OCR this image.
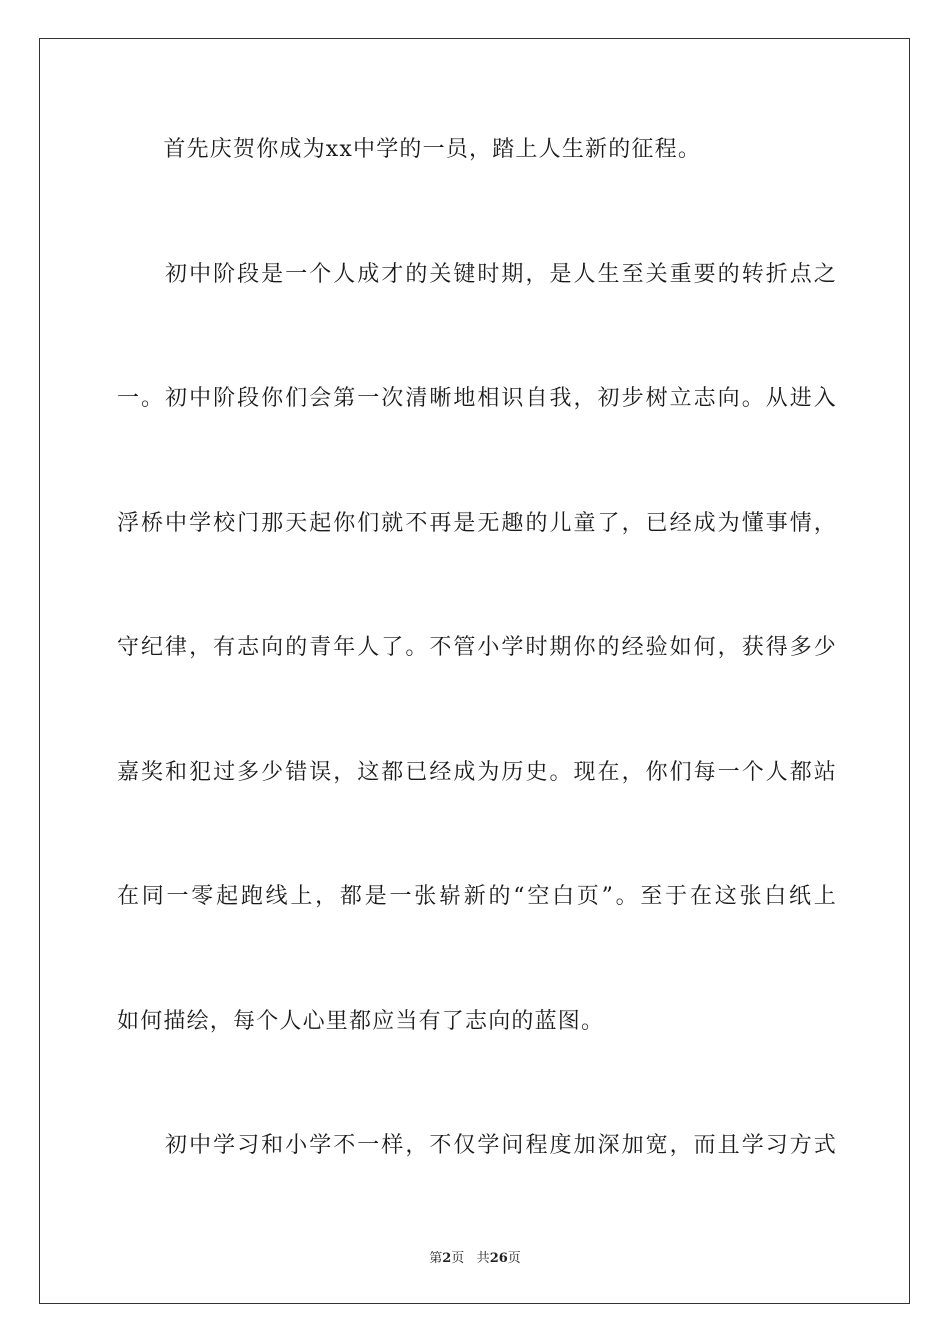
　　首先庆贺你成为xx中学的一员，踏上人生新的征程。
　　初中阶段是一个人成才的关键时期，是人生至关重要的转折点之
一。初中阶段你们会第一次清晰地相识自我，初步树立志向。从进入
浮桥中学校门那天起你们就不再是无趣的儿童了，已经成为懂事情，
守纪律，有志向的青年人了。不管小学时期你的经验如何，获得多少
嘉奖和犯过多少错误，这都已经成为历史。现在，你们每一个人都站
在同一零起跑线上，都是一张崭新的“空白页”。至于在这张白纸上
如何描绘，每个人心里都应当有了志向的蓝图。
　　初中学习和小学不一样，不仅学问程度加深加宽，而且学习方式
第2页 共26页
